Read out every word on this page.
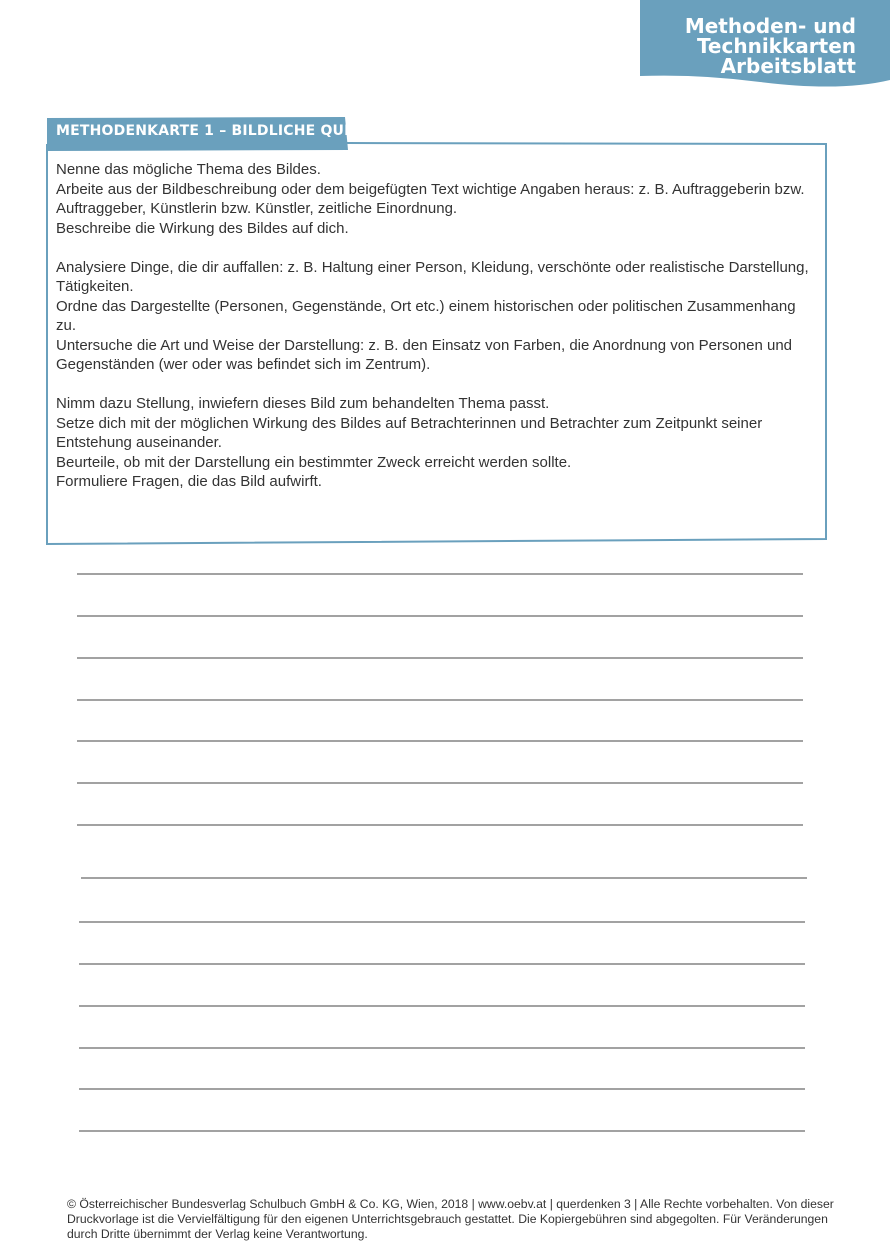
Methoden- und
Technikkarten
Arbeitsblatt
METHODENKARTE 1 – BILDLICHE QUELLE

Nenne das mögliche Thema des Bildes.

Arbeite aus der Bildbeschreibung oder dem beigefügten Text wichtige Angaben heraus: z. B. Auftraggeberin bzw. Auftraggeber, Künstlerin bzw. Künstler, zeitliche Einordnung.

Beschreibe die Wirkung des Bildes auf dich.

Analysiere Dinge, die dir auffallen: z. B. Haltung einer Person, Kleidung, verschönte oder realistische Darstellung, Tätigkeiten.

Ordne das Dargestellte (Personen, Gegenstände, Ort etc.) einem historischen oder politischen Zusammenhang zu.

Untersuche die Art und Weise der Darstellung: z. B. den Einsatz von Farben, die Anordnung von Personen und Gegenständen (wer oder was befindet sich im Zentrum).

Nimm dazu Stellung, inwiefern dieses Bild zum behandelten Thema passt.

Setze dich mit der möglichen Wirkung des Bildes auf Betrachterinnen und Betrachter zum Zeitpunkt seiner Entstehung auseinander.

Beurteile, ob mit der Darstellung ein bestimmter Zweck erreicht werden sollte.

Formuliere Fragen, die das Bild aufwirft.

© Österreichischer Bundesverlag Schulbuch GmbH & Co. KG, Wien, 2018 | www.oebv.at | querdenken 3 | Alle Rechte vorbehalten. Von dieser Druckvorlage ist die Vervielfältigung für den eigenen Unterrichtsgebrauch gestattet. Die Kopiergebühren sind abgegolten. Für Veränderungen durch Dritte übernimmt der Verlag keine Verantwortung.
